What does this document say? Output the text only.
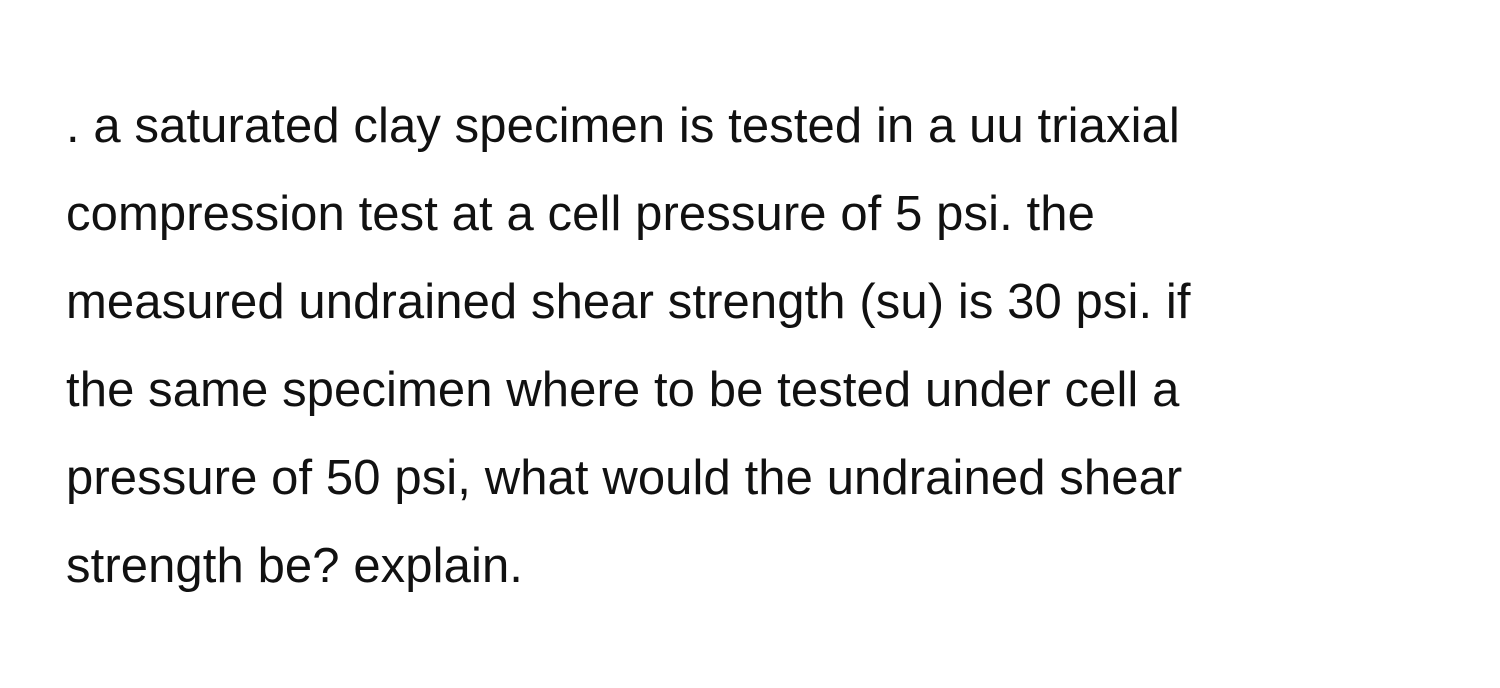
. a saturated clay specimen is tested in a uu triaxial
compression test at a cell pressure of 5 psi. the
measured undrained shear strength (su) is 30 psi. if
the same specimen where to be tested under cell a
pressure of 50 psi, what would the undrained shear
strength be? explain.
